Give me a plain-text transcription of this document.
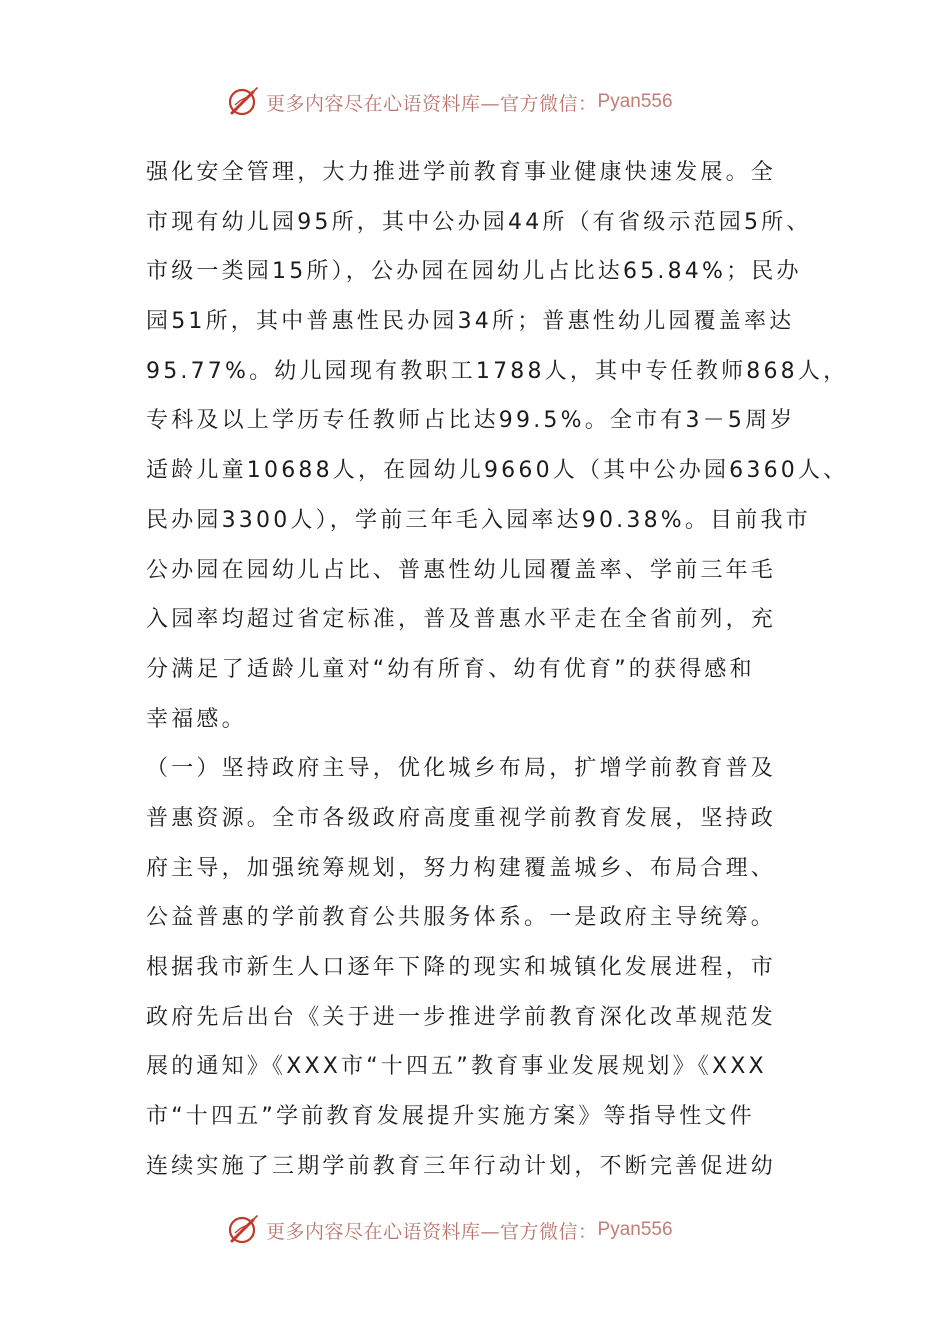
更多内容尽在心语资料库—官方微信： Pyan556
强化安全管理，大力推进学前教育事业健康快速发展。全
市现有幼儿园95所，其中公办园44所（有省级示范园5所、
市级一类园15所），公办园在园幼儿占比达65.84%；民办
园51所，其中普惠性民办园34所；普惠性幼儿园覆盖率达
95.77%。幼儿园现有教职工1788人，其中专任教师868人，
专科及以上学历专任教师占比达99.5%。全市有3－5周岁
适龄儿童10688人，在园幼儿9660人（其中公办园6360人、
民办园3300人），学前三年毛入园率达90.38%。目前我市
公办园在园幼儿占比、普惠性幼儿园覆盖率、学前三年毛
入园率均超过省定标准，普及普惠水平走在全省前列，充
分满足了适龄儿童对“幼有所育、幼有优育”的获得感和
幸福感。
（一）坚持政府主导，优化城乡布局，扩增学前教育普及
普惠资源。全市各级政府高度重视学前教育发展，坚持政
府主导，加强统筹规划，努力构建覆盖城乡、布局合理、
公益普惠的学前教育公共服务体系。一是政府主导统筹。
根据我市新生人口逐年下降的现实和城镇化发展进程，市
政府先后出台《关于进一步推进学前教育深化改革规范发
展的通知》《XXX市“十四五”教育事业发展规划》《XXX
市“十四五”学前教育发展提升实施方案》等指导性文件
连续实施了三期学前教育三年行动计划，不断完善促进幼
更多内容尽在心语资料库—官方微信： Pyan556
